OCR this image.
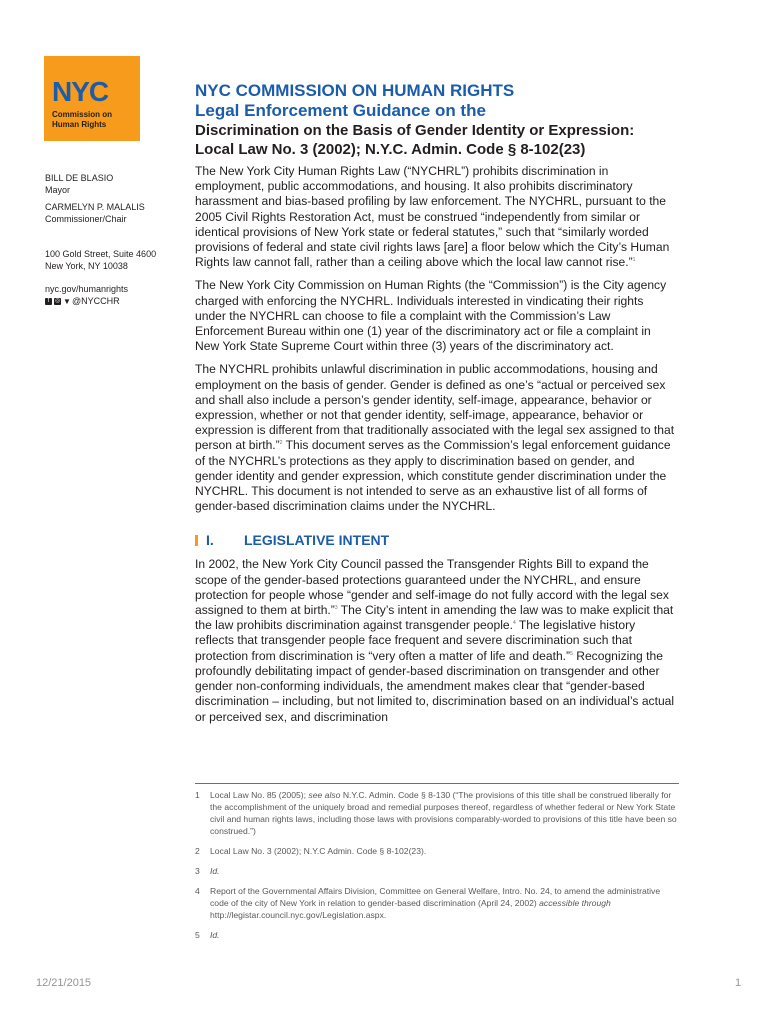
NYC
Commission on
Human Rights
BILL DE BLASIO
Mayor
CARMELYN P. MALALIS
Commissioner/Chair
100 Gold Street, Suite 4600
New York, NY 10038
nyc.gov/humanrights
f ◎ ▼ @NYCCHR
NYC COMMISSION ON HUMAN RIGHTS
Legal Enforcement Guidance on the
Discrimination on the Basis of Gender Identity or Expression:
Local Law No. 3 (2002); N.Y.C. Admin. Code § 8-102(23)

The New York City Human Rights Law (“NYCHRL”) prohibits discrimination in employment, public accommodations, and housing. It also prohibits discriminatory harassment and bias-based profiling by law enforcement. The NYCHRL, pursuant to the 2005 Civil Rights Restoration Act, must be construed “independently from similar or identical provisions of New York state or federal statutes,” such that “similarly worded provisions of federal and state civil rights laws [are] a floor below which the City’s Human Rights law cannot fall, rather than a ceiling above which the local law cannot rise.”$^1$

The New York City Commission on Human Rights (the “Commission”) is the City agency charged with enforcing the NYCHRL. Individuals interested in vindicating their rights under the NYCHRL can choose to file a complaint with the Commission’s Law Enforcement Bureau within one (1) year of the discriminatory act or file a complaint in New York State Supreme Court within three (3) years of the discriminatory act.

The NYCHRL prohibits unlawful discrimination in public accommodations, housing and employment on the basis of gender. Gender is defined as one’s “actual or perceived sex and shall also include a person’s gender identity, self-image, appearance, behavior or expression, whether or not that gender identity, self-image, appearance, behavior or expression is different from that traditionally associated with the legal sex assigned to that person at birth.”$^2$ This document serves as the Commission’s legal enforcement guidance of the NYCHRL’s protections as they apply to discrimination based on gender, and gender identity and gender expression, which constitute gender discrimination under the NYCHRL. This document is not intended to serve as an exhaustive list of all forms of gender-based discrimination claims under the NYCHRL.

I.	LEGISLATIVE INTENT

In 2002, the New York City Council passed the Transgender Rights Bill to expand the scope of the gender-based protections guaranteed under the NYCHRL, and ensure protection for people whose “gender and self-image do not fully accord with the legal sex assigned to them at birth.”$^3$ The City’s intent in amending the law was to make explicit that the law prohibits discrimination against transgender people.$^4$ The legislative history reflects that transgender people face frequent and severe discrimination such that protection from discrimination is “very often a matter of life and death.”$^5$ Recognizing the profoundly debilitating impact of gender-based discrimination on transgender and other gender non-conforming individuals, the amendment makes clear that “gender-based discrimination – including, but not limited to, discrimination based on an individual’s actual or perceived sex, and discrimination

1	Local Law No. 85 (2005); see also N.Y.C. Admin. Code § 8-130 (“The provisions of this title shall be construed liberally for the accomplishment of the uniquely broad and remedial purposes thereof, regardless of whether federal or New York State civil and human rights laws, including those laws with provisions comparably-worded to provisions of this title have been so construed.”)
2	Local Law No. 3 (2002); N.Y.C Admin. Code § 8-102(23).
3	Id.
4	Report of the Governmental Affairs Division, Committee on General Welfare, Intro. No. 24, to amend the administrative code of the city of New York in relation to gender-based discrimination (April 24, 2002) accessible through http://legistar.council.nyc.gov/Legislation.aspx.
5	Id.
12/21/2015	1
